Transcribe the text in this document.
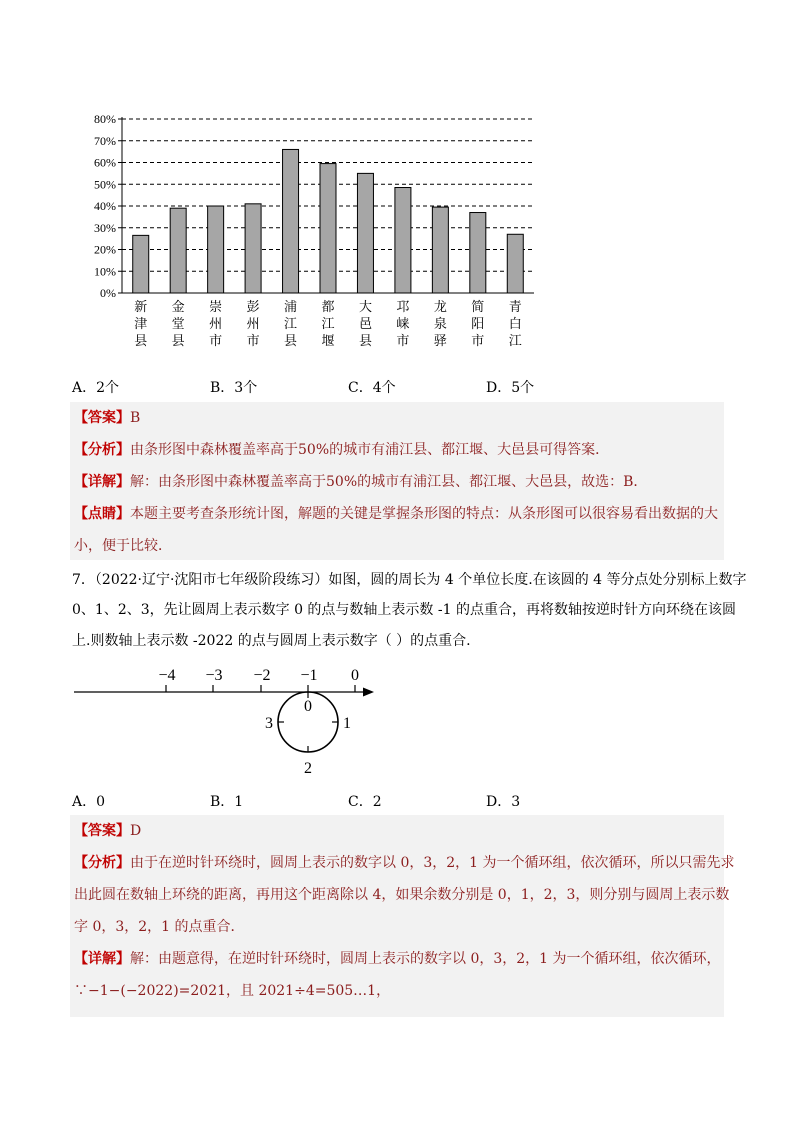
0%
10%
20%
30%
40%
50%
60%
70%
80%
新
津
县
金
堂
县
崇
州
市
彭
州
市
浦
江
县
都
江
堰
大
邑
县
邛
崃
市
龙
泉
驿
简
阳
市
青
白
江
A．2个	B．3个	C．4个	D．5个
【答案】B
【分析】由条形图中森林覆盖率高于50%的城市有浦江县、都江堰、大邑县可得答案．
【详解】解：由条形图中森林覆盖率高于50%的城市有浦江县、都江堰、大邑县，故选：B．
【点睛】本题主要考查条形统计图，解题的关键是掌握条形图的特点：从条形图可以很容易看出数据的大
小，便于比较．
7．（2022·辽宁·沈阳市七年级阶段练习）如图，圆的周长为 4 个单位长度.在该圆的 4 等分点处分别标上数字
0、1、2、3，先让圆周上表示数字 0 的点与数轴上表示数 -1 的点重合，再将数轴按逆时针方向环绕在该圆
上.则数轴上表示数 -2022 的点与圆周上表示数字（ ）的点重合.
−4 −3 −2 −1 0
0
1
2
3
A．0	B．1	C．2	D．3
【答案】D
【分析】由于在逆时针环绕时，圆周上表示的数字以 0，3，2，1 为一个循环组，依次循环，所以只需先求
出此圆在数轴上环绕的距离，再用这个距离除以 4，如果余数分别是 0，1，2，3，则分别与圆周上表示数
字 0，3，2，1 的点重合．
【详解】解：由题意得，在逆时针环绕时，圆周上表示的数字以 0，3，2，1 为一个循环组，依次循环，
∵−1−(−2022)=2021，且 2021÷4=505…1，
